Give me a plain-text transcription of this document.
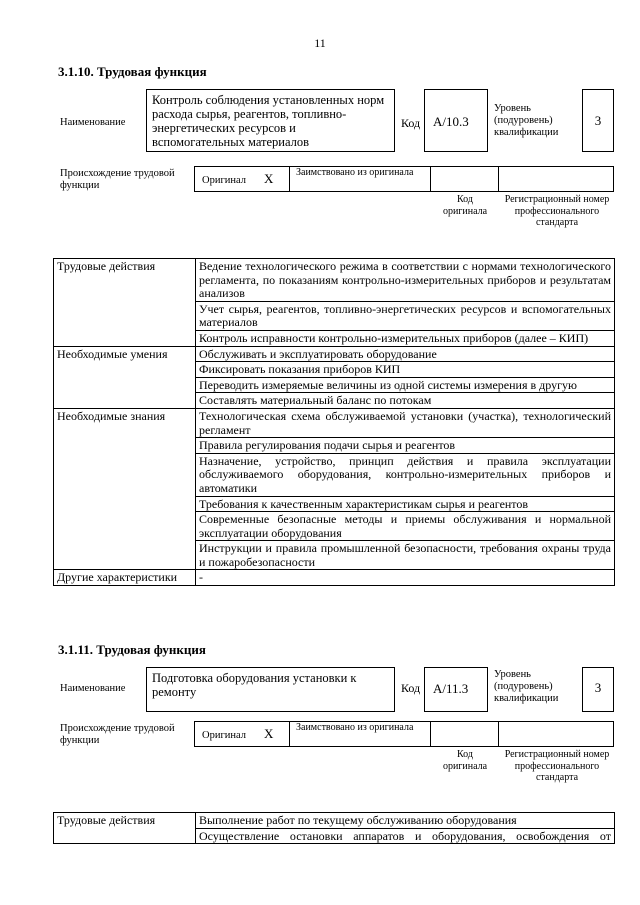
11
3.1.10. Трудовая функция
Наименование
Контроль соблюдения установленных норм расхода сырья, реагентов, топливно-энергетических ресурсов и вспомогательных материалов
Код А/10.3
Уровень (подуровень) квалификации
3
Происхождение трудовой функции	Оригинал X Заимствовано из оригинала
Код оригинала
Регистрационный номер профессионального стандарта
Трудовые действия	Ведение технологического режима в соответствии с нормами технологического регламента, по показаниям контрольно-измерительных приборов и результатам анализов
	Учет сырья, реагентов, топливно-энергетических ресурсов и вспомогательных материалов
	Контроль исправности контрольно-измерительных приборов (далее – КИП)
Необходимые умения	Обслуживать и эксплуатировать оборудование
	Фиксировать показания приборов КИП
	Переводить измеряемые величины из одной системы измерения в другую
	Составлять материальный баланс по потокам
Необходимые знания	Технологическая схема обслуживаемой установки (участка), технологический регламент
	Правила регулирования подачи сырья и реагентов
	Назначение, устройство, принцип действия и правила эксплуатации обслуживаемого оборудования, контрольно-измерительных приборов и автоматики
	Требования к качественным характеристикам сырья и реагентов
	Современные безопасные методы и приемы обслуживания и нормальной эксплуатации оборудования
	Инструкции и правила промышленной безопасности, требования охраны труда и пожаробезопасности
Другие характеристики	-
3.1.11. Трудовая функция
Наименование
Подготовка оборудования установки к ремонту	Код А/11.3
Уровень (подуровень) квалификации
3
Происхождение трудовой функции	Оригинал X Заимствовано из оригинала
Код оригинала
Регистрационный номер профессионального стандарта
Трудовые действия	Выполнение работ по текущему обслуживанию оборудования
Осуществление остановки аппаратов и оборудования, освобождения от
